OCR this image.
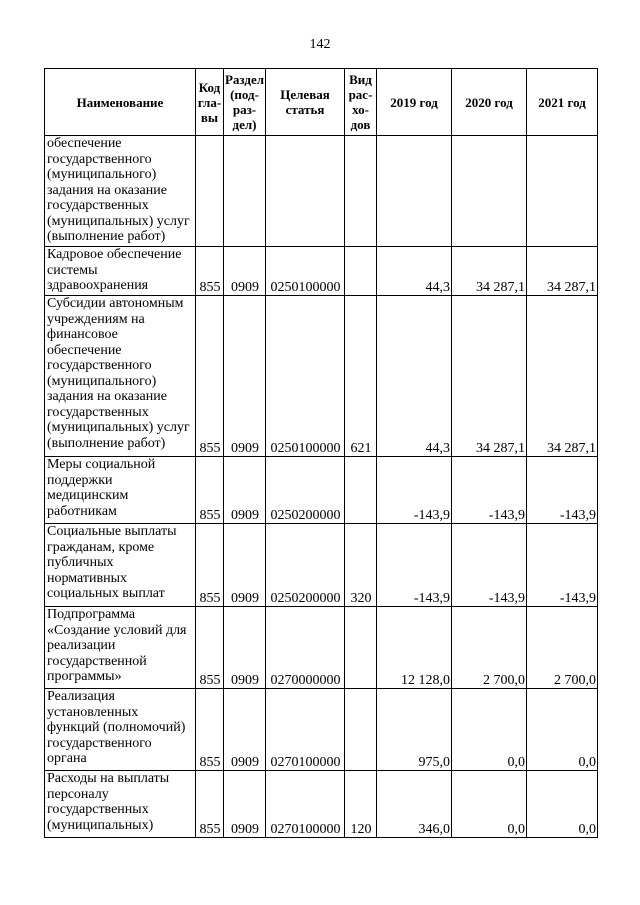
142
Наименование	Код гла-вы	Раздел (под-раз-дел)	Целевая статья	Вид рас-хо-дов	2019 год	2020 год	2021 год
обеспечение государственного (муниципального) задания на оказание государственных (муниципальных) услуг (выполнение работ)							
Кадровое обеспечение системы здравоохранения	855	0909	0250100000		44,3	34 287,1	34 287,1
Субсидии автономным учреждениям на финансовое обеспечение государственного (муниципального) задания на оказание государственных (муниципальных) услуг (выполнение работ)	855	0909	0250100000	621	44,3	34 287,1	34 287,1
Меры социальной поддержки медицинским работникам	855	0909	0250200000		-143,9	-143,9	-143,9
Социальные выплаты гражданам, кроме публичных нормативных социальных выплат	855	0909	0250200000	320	-143,9	-143,9	-143,9
Подпрограмма «Создание условий для реализации государственной программы»	855	0909	0270000000		12 128,0	2 700,0	2 700,0
Реализация установленных функций (полномочий) государственного органа	855	0909	0270100000		975,0	0,0	0,0
Расходы на выплаты персоналу государственных (муниципальных)	855	0909	0270100000	120	346,0	0,0	0,0
